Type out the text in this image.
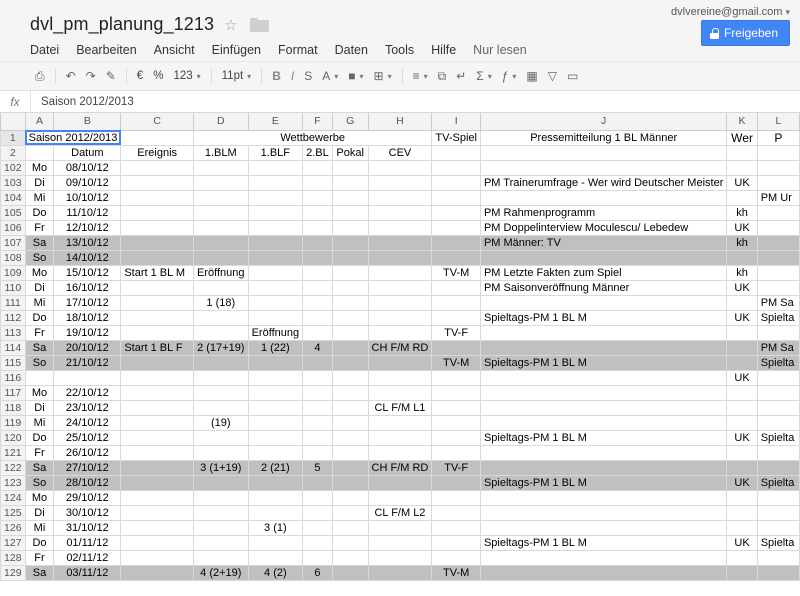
dvlvereine@gmail.com ▾
dvl_pm_planung_1213 ☆
Datei Bearbeiten Ansicht Einfügen Format Daten Tools Hilfe Nur lesen
Freigeben
⎙	↶ ↷ ✎	€ % 123 ▾	11pt ▾	B I S A ▾	■ ▾	⊞ ▾	≡ ▾	⧉ ↵ Σ ▾	ƒ ▾	▦ ▽ ▭
fx	Saison 2012/2013
	A	B	C	D	E	F	G	H	I	J	K	L
1	Saison 2012/2013			Wettbewerbe					TV-Spiel	Pressemitteilung 1 BL Männer	Wer	P
2		Datum	Ereignis	1.BLM	1.BLF	2.BL	Pokal	CEV				
102	Mo	08/10/12										
103	Di	09/10/12								PM Trainerumfrage - Wer wird Deutscher Meister	UK	
104	Mi	10/10/12										PM Ur
105	Do	11/10/12								PM Rahmenprogramm	kh	
106	Fr	12/10/12								PM Doppelinterview Moculescu/ Lebedew	UK	
107	Sa	13/10/12								PM Männer: TV	kh	
108	So	14/10/12										
109	Mo	15/10/12	Start 1 BL M	Eröffnung					TV-M	PM Letzte Fakten zum Spiel	kh	
110	Di	16/10/12								PM Saisonveröffnung Männer	UK	
111	Mi	17/10/12		1 (18)								PM Sa
112	Do	18/10/12								Spieltags-PM 1 BL M	UK	Spielta
113	Fr	19/10/12			Eröffnung				TV-F			
114	Sa	20/10/12	Start 1 BL F	2 (17+19)	1 (22)	4		CH F/M RD				PM Sa
115	So	21/10/12							TV-M	Spieltags-PM 1 BL M		Spielta
116											UK	
117	Mo	22/10/12										
118	Di	23/10/12						CL F/M L1				
119	Mi	24/10/12		(19)								
120	Do	25/10/12								Spieltags-PM 1 BL M	UK	Spielta
121	Fr	26/10/12										
122	Sa	27/10/12		3 (1+19)	2 (21)	5		CH F/M RD	TV-F			
123	So	28/10/12								Spieltags-PM 1 BL M	UK	Spielta
124	Mo	29/10/12										
125	Di	30/10/12						CL F/M L2				
126	Mi	31/10/12			3 (1)							
127	Do	01/11/12								Spieltags-PM 1 BL M	UK	Spielta
128	Fr	02/11/12										
129	Sa	03/11/12		4 (2+19)	4 (2)	6			TV-M			
